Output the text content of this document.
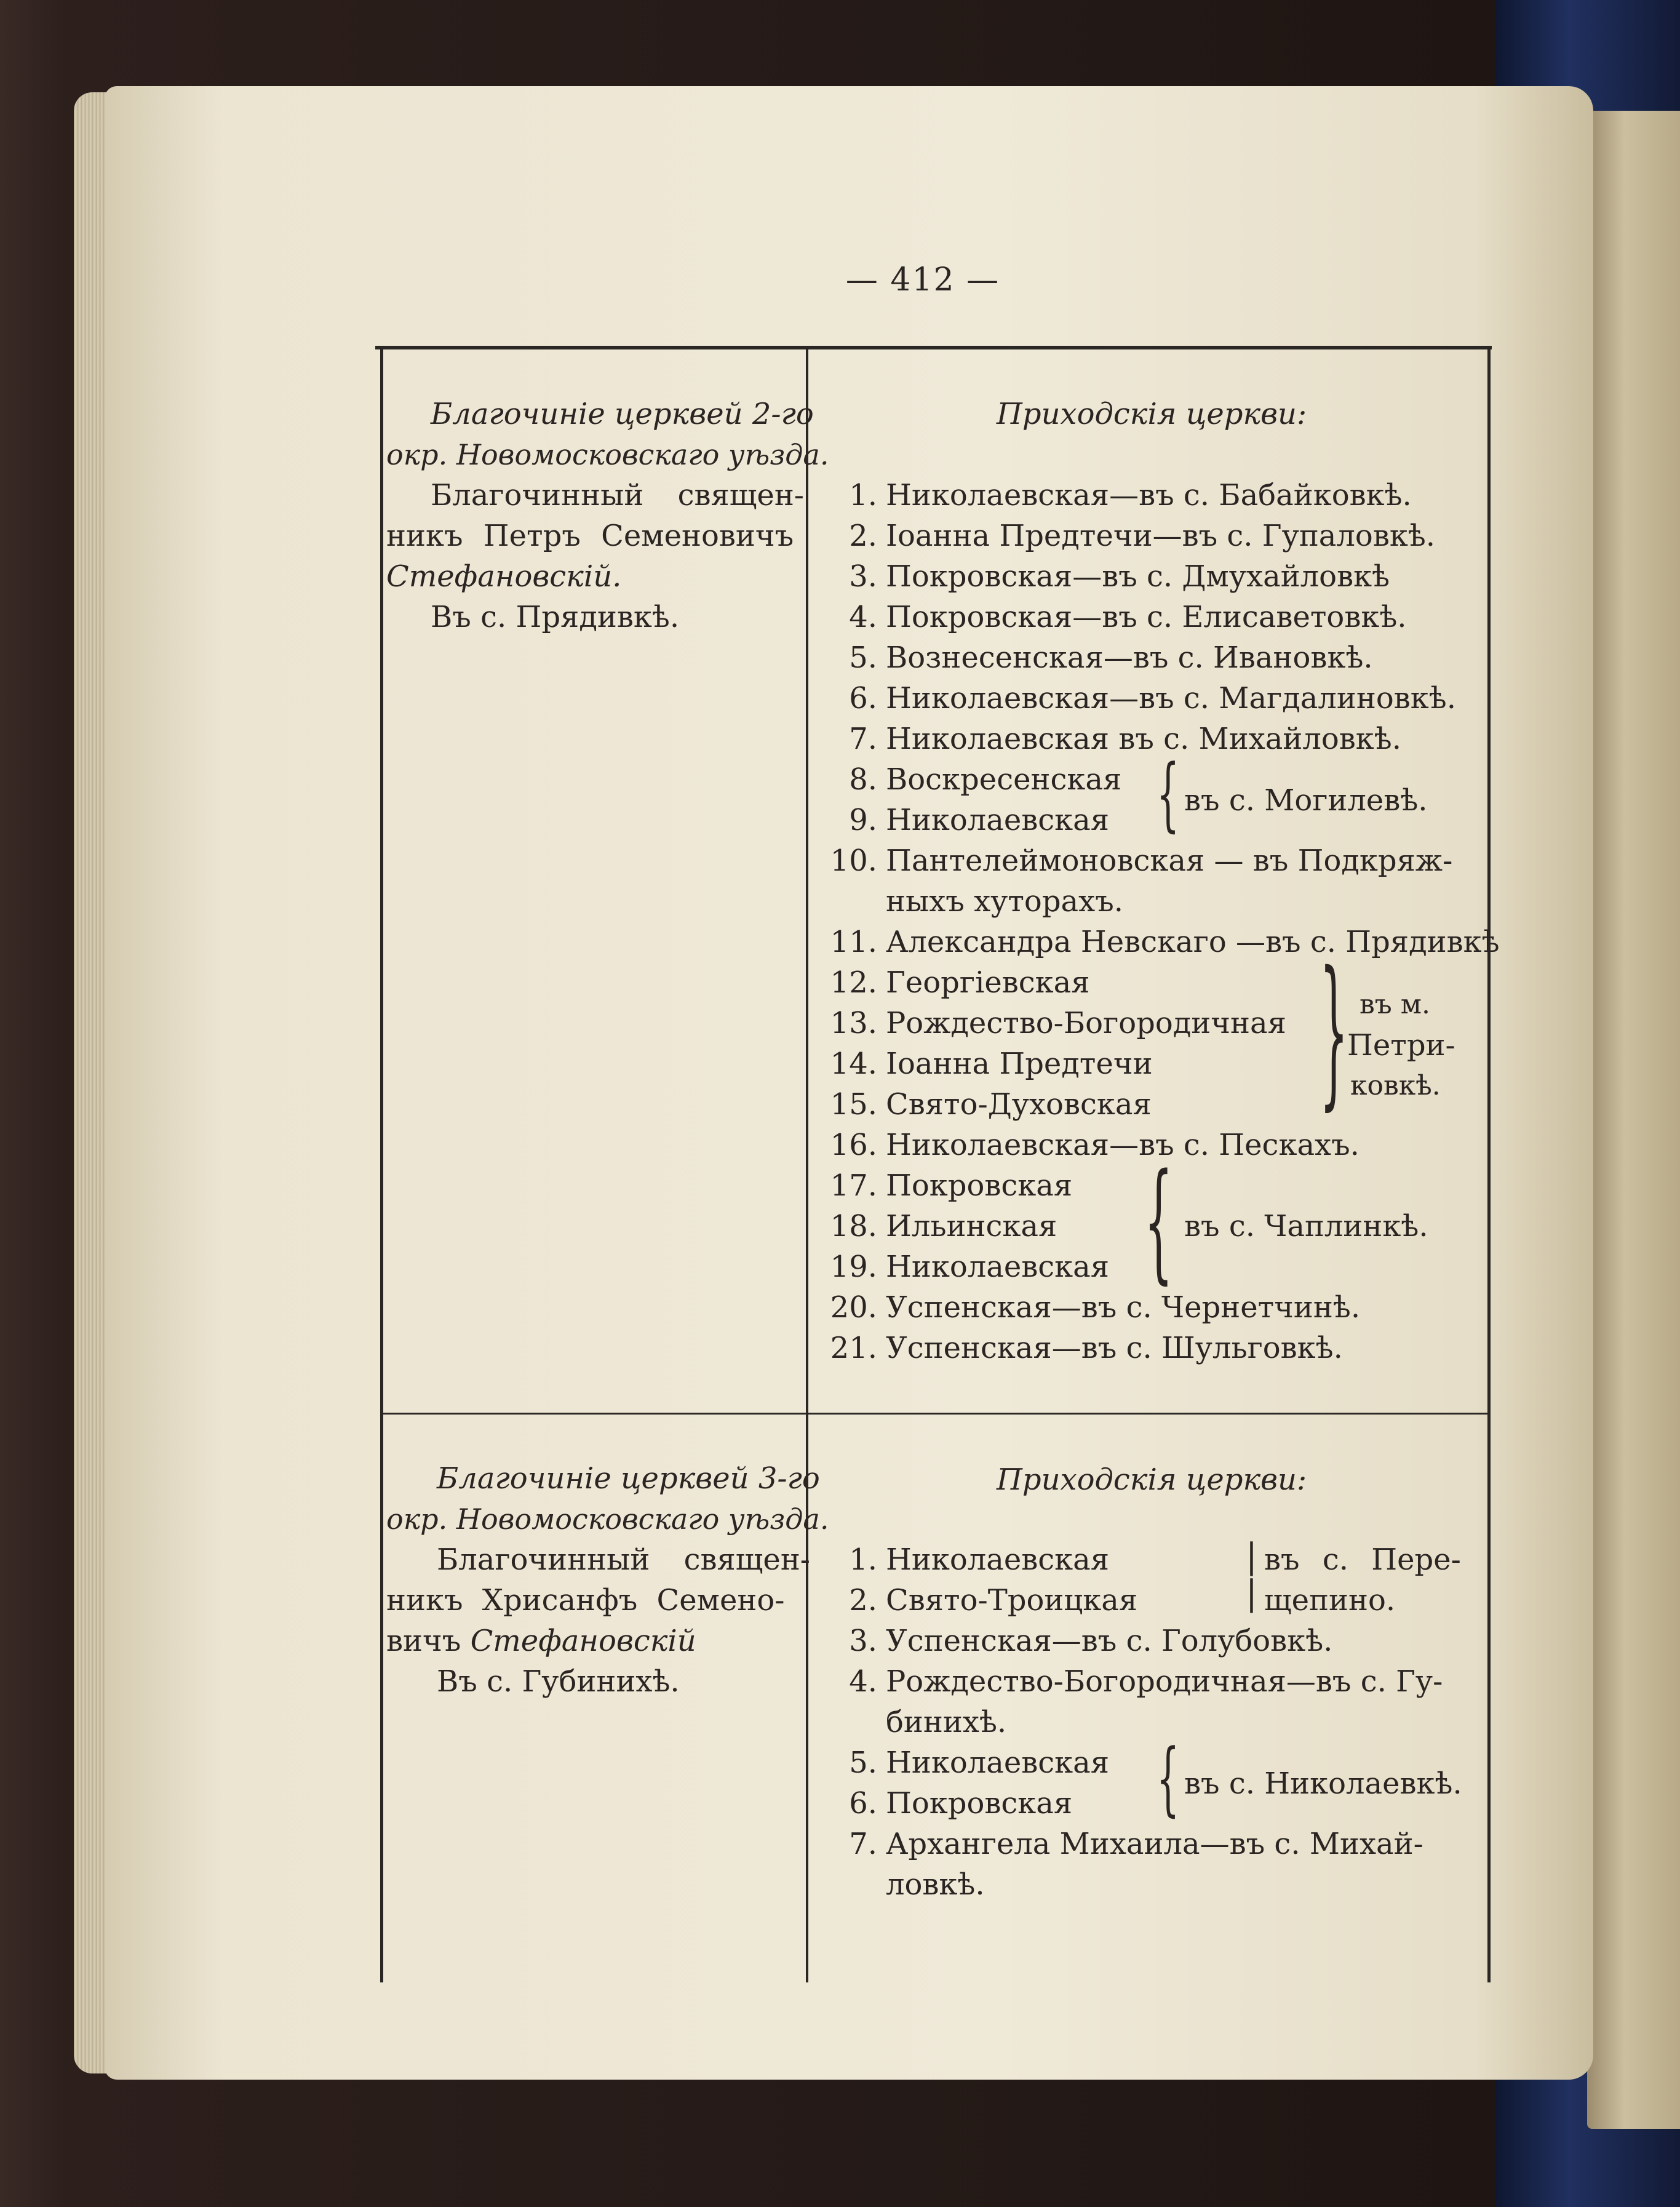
— 412 —
Благочиніе церквей 2-го
окр. Новомосковскаго уѣзда.
Благочинный священ-
никъ Петръ Семеновичъ
Стефановскій.
Въ с. Прядивкѣ.
Приходскія церкви:
1. Николаевская—въ с. Бабайковкѣ.
2. Іоанна Предтечи—въ с. Гупаловкѣ.
3. Покровская—въ с. Дмухайловкѣ
4. Покровская—въ с. Елисаветовкѣ.
5. Вознесенская—въ с. Ивановкѣ.
6. Николаевская—въ с. Магдалиновкѣ.
7. Николаевская въ с. Михайловкѣ.
8. Воскресенская
9. Николаевская
10. Пантелеймоновская — въ Подкряж-
ныхъ хуторахъ.
11. Александра Невскаго —въ с. Прядивкѣ
12. Георгіевская
13. Рождество-Богородичная
14. Іоанна Предтечи
15. Свято-Духовская
16. Николаевская—въ с. Пескахъ.
17. Покровская
18. Ильинская
19. Николаевская
20. Успенская—въ с. Чернетчинѣ.
21. Успенская—въ с. Шульговкѣ.
{ въ с. Могилевѣ.
} въ м.
Петри-
ковкѣ.
{ въ с. Чаплинкѣ.
Благочиніе церквей 3-го
окр. Новомосковскаго уѣзда.
Благочинный священ-
никъ Хрисанфъ Семено-
вичъ Стефановскій
Въ с. Губинихѣ.
Приходскія церкви:
1. Николаевская
2. Свято-Троицкая
3. Успенская—въ с. Голубовкѣ.
4. Рождество-Богородичная—въ с. Гу-
бинихѣ.
5. Николаевская
6. Покровская
7. Архангела Михаила—въ с. Михай-
ловкѣ.
|
|
въ с. Пере-
щепино.
{ въ с. Николаевкѣ.
